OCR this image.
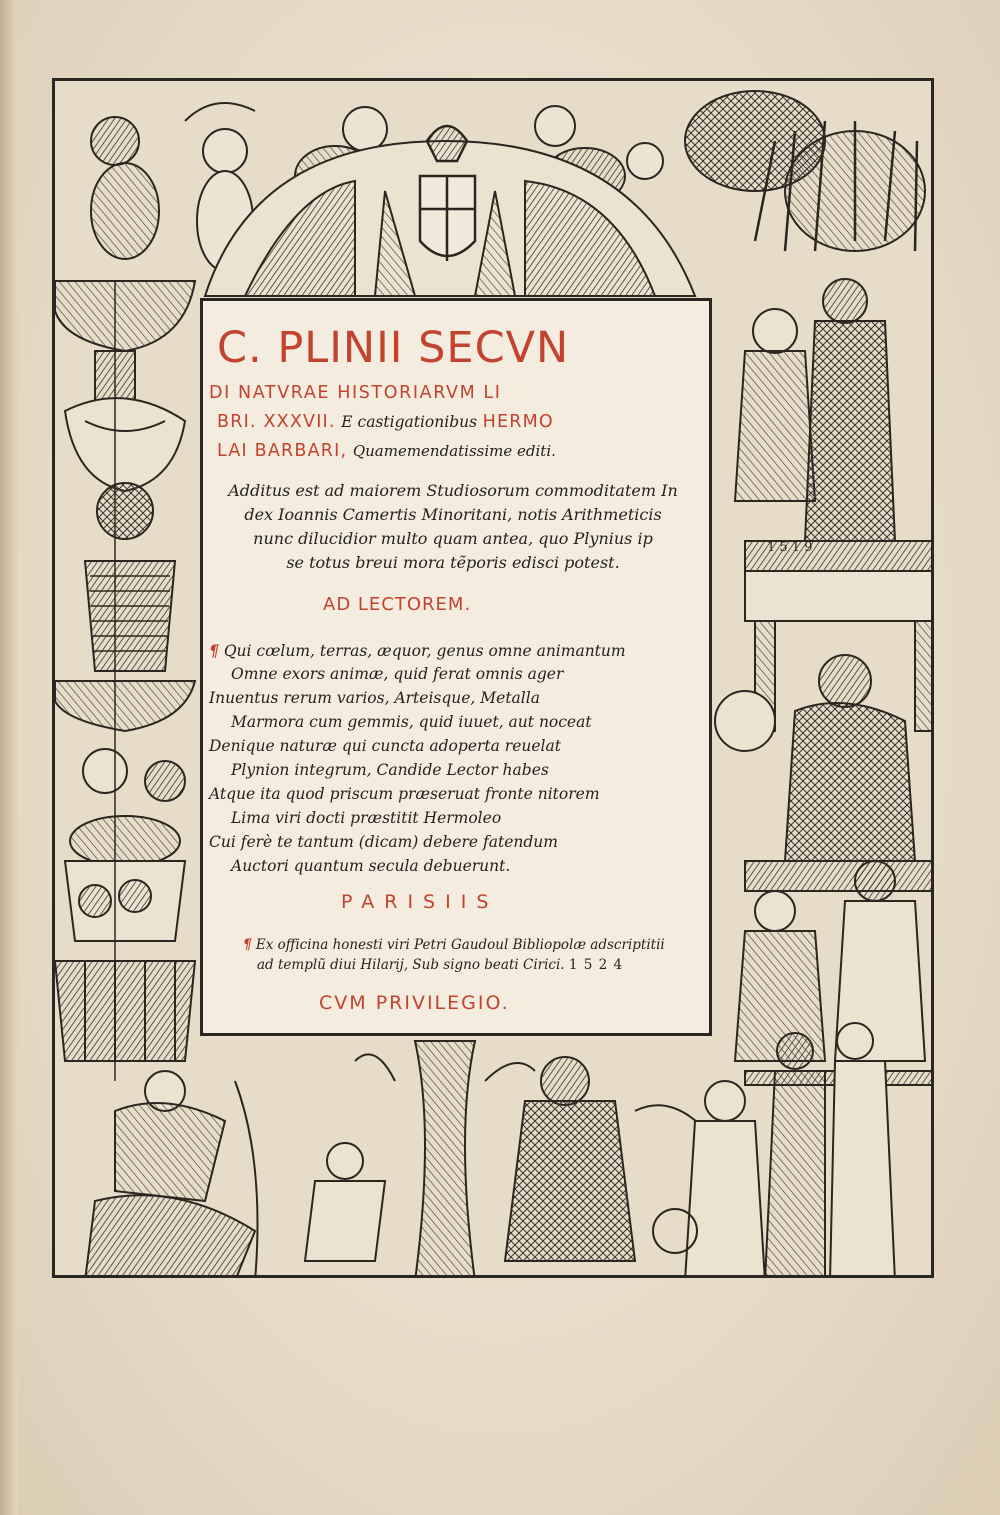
1 5 1 9
C. PLINII SECVN
DI NATVRAE HISTORIARVM LI
BRI. XXXVII. E castigationibus HERMO
LAI BARBARI, Quamemendatissime editi.
Additus est ad maiorem Studiosorum commoditatem In
dex Ioannis Camertis Minoritani, notis Arithmeticis
nunc dilucidior multo quam antea, quo Plynius ip
se totus breui mora tẽporis edisci potest.
AD LECTOREM.
¶ Qui cœlum, terras, æquor, genus omne animantum
Omne exors animæ, quid ferat omnis ager
Inuentus rerum varios, Arteisque, Metalla
Marmora cum gemmis, quid iuuet, aut noceat
Denique naturæ qui cuncta adoperta reuelat
Plynion integrum, Candide Lector habes
Atque ita quod priscum præseruat fronte nitorem
Lima viri docti præstitit Hermoleo
Cui ferè te tantum (dicam) debere fatendum
Auctori quantum secula debuerunt.
PARISIIS
¶ Ex officina honesti viri Petri Gaudoul Bibliopolæ adscriptitii
ad templũ diui Hilarij, Sub signo beati Cirici. 1 5 2 4
CVM PRIVILEGIO.
